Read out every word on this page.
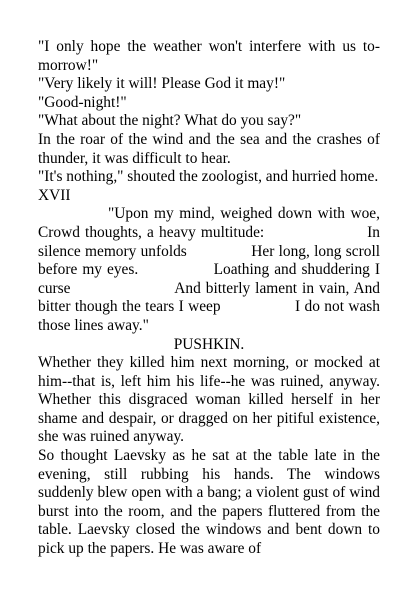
"I only hope the weather won't interfere with us to-morrow!"

"Very likely it will! Please God it may!"

"Good-night!"

"What about the night? What do you say?"

In the roar of the wind and the sea and the crashes of thunder, it was difficult to hear.

"It's nothing," shouted the zoologist, and hurried home.

XVII

"Upon my mind, weighed down with woe, Crowd thoughts, a heavy multitude:                    In silence memory unfolds               Her long, long scroll before my eyes.               Loathing and shuddering I curse                     And bitterly lament in vain, And bitter though the tears I weep                 I do not wash those lines away."

PUSHKIN.

Whether they killed him next morning, or mocked at him--that is, left him his life--he was ruined, anyway. Whether this disgraced woman killed herself in her shame and despair, or dragged on her pitiful existence, she was ruined anyway.

So thought Laevsky as he sat at the table late in the evening, still rubbing his hands. The windows suddenly blew open with a bang; a violent gust of wind burst into the room, and the papers fluttered from the table. Laevsky closed the windows and bent down to pick up the papers. He was aware of
